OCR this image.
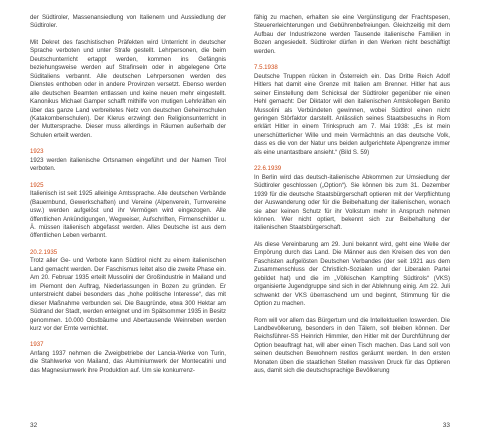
der Südtiroler, Massenansiedlung von Italienern und Aussiedlung der Südtiroler.

Mit Dekret des faschistischen Präfekten wird Unterricht in deutscher Sprache verboten und unter Strafe gestellt. Lehrpersonen, die beim Deutschunterricht ertappt werden, kommen ins Gefängnis beziehungsweise werden auf Strafinseln oder in abgelegene Orte Süditaliens verbannt. Alle deutschen Lehrpersonen werden des Dienstes enthoben oder in andere Provinzen versetzt. Ebenso werden alle deutschen Beamten entlassen und keine neuen mehr eingestellt. Kanonikus Michael Gamper schafft mithilfe von mutigen Lehrkräften ein über das ganze Land verbreitetes Netz von deutschen Geheimschulen (Katakombenschulen). Der Klerus erzwingt den Religionsunterricht in der Muttersprache. Dieser muss allerdings in Räumen außerhalb der Schulen erteilt werden.

1923

1923 werden italienische Ortsnamen eingeführt und der Namen Tirol verboten.

1925

Italienisch ist seit 1925 alleinige Amtssprache. Alle deutschen Verbände (Bauernbund, Gewerkschaften) und Vereine (Alpenverein, Turnvereine usw.) werden aufgelöst und ihr Vermögen wird eingezogen. Alle öffentlichen Ankündigungen, Wegweiser, Aufschriften, Firmenschilder u. Ä. müssen italienisch abgefasst werden. Alles Deutsche ist aus dem öffentlichen Leben verbannt.

20.2.1935

Trotz aller Ge- und Verbote kann Südtirol nicht zu einem italienischen Land gemacht werden. Der Faschismus leitet also die zweite Phase ein. Am 20. Februar 1935 erteilt Mussolini der Großindustrie in Mailand und im Piemont den Auftrag, Niederlassungen in Bozen zu gründen. Er unterstreicht dabei besonders das „hohe politische Interesse“, das mit dieser Maßnahme verbunden sei. Die Baugründe, etwa 300 Hektar am Südrand der Stadt, werden enteignet und im Spätsommer 1935 in Besitz genommen. 10.000 Obstbäume und Abertausende Weinreben werden kurz vor der Ernte vernichtet.

1937

Anfang 1937 nehmen die Zweigbetriebe der Lancia-Werke von Turin, die Stahlwerke von Mailand, das Aluminiumwerk der Montecatini und das Magnesiumwerk ihre Produktion auf. Um sie konkurrenz-

32

fähig zu machen, erhalten sie eine Vergünstigung der Frachtspesen, Steuererleichterungen und Gebührenbefreiungen. Gleichzeitig mit dem Aufbau der Industriezone werden Tausende italienische Familien in Bozen angesiedelt. Südtiroler dürfen in den Werken nicht beschäftigt werden.

7.5.1938

Deutsche Truppen rücken in Österreich ein. Das Dritte Reich Adolf Hitlers hat damit eine Grenze mit Italien am Brenner. Hitler hat aus seiner Einstellung dem Schicksal der Südtiroler gegenüber nie einen Hehl gemacht: Der Diktator will den italienischen Amtskollegen Benito Mussolini als Verbündeten gewinnen, wobei Südtirol einen nicht geringen Störfaktor darstellt. Anlässlich seines Staatsbesuchs in Rom erklärt Hitler in einem Trinkspruch am 7. Mai 1938: „Es ist mein unerschütterlicher Wille und mein Vermächtnis an das deutsche Volk, dass es die von der Natur uns beiden aufgerichtete Alpengrenze immer als eine unantastbare ansieht.“ (Bild S. 59)

22.6.1939

In Berlin wird das deutsch-italienische Abkommen zur Umsiedlung der Südtiroler geschlossen („Option“). Sie können bis zum 31. Dezember 1939 für die deutsche Staatsbürgerschaft optieren mit der Verpflichtung der Auswanderung oder für die Beibehaltung der italienischen, wonach sie aber keinen Schutz für ihr Volkstum mehr in Anspruch nehmen können. Wer nicht optiert, bekennt sich zur Beibehaltung der italienischen Staatsbürgerschaft.

Als diese Vereinbarung am 29. Juni bekannt wird, geht eine Welle der Empörung durch das Land. Die Männer aus den Kreisen des von den Faschisten aufgelösten Deutschen Verbandes (der seit 1921 aus dem Zusammenschluss der Christlich-Sozialen und der Liberalen Partei gebildet hat) und die im „Völkischen Kampfring Südtirols“ (VKS) organisierte Jugendgruppe sind sich in der Ablehnung einig. Am 22. Juli schwenkt der VKS überraschend um und beginnt, Stimmung für die Option zu machen.

Rom will vor allem das Bürgertum und die Intellektuellen loswerden. Die Landbevölkerung, besonders in den Tälern, soll bleiben können. Der Reichsführer-SS Heinrich Himmler, den Hitler mit der Durchführung der Option beauftragt hat, will aber einen Tisch machen. Das Land soll von seinen deutschen Bewohnern restlos geräumt werden. In den ersten Monaten üben die staatlichen Stellen massiven Druck für das Optieren aus, damit sich die deutschsprachige Bevölkerung

33
